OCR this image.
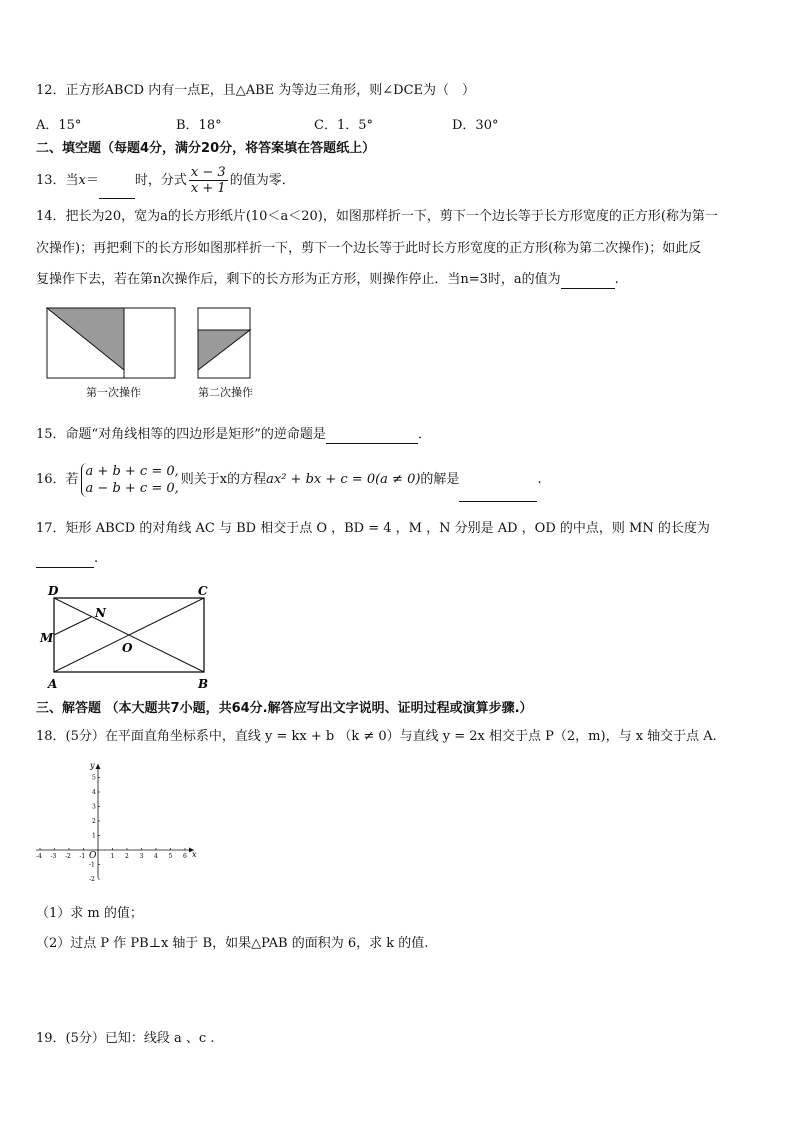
12．正方形ABCD 内有一点E，且△ABE 为等边三角形，则∠DCE为（　）
A．15°	B．18°	C．1．5°	D．30°
二、填空题（每题4分，满分20分，将答案填在答题纸上）
13．当x＝	时，分式 $\frac{x - 3}{x + 1}$ 的值为零．
14．把长为20，宽为a的长方形纸片(10＜a＜20)，如图那样折一下，剪下一个边长等于长方形宽度的正方形(称为第一
次操作)；再把剩下的长方形如图那样折一下，剪下一个边长等于此时长方形宽度的正方形(称为第二次操作)；如此反
复操作下去，若在第n次操作后，剩下的长方形为正方形，则操作停止．当n=3时，a的值为	.
第一次操作	第二次操作
15．命题“对角线相等的四边形是矩形”的逆命题是	．
16．若
a + b + c = 0,
a − b + c = 0,
则关于x的方程ax² + bx + c = 0(a ≠ 0)的解是	.
17．矩形 ABCD 的对角线 AC 与 BD 相交于点 O ，BD = 4 ，M ，N 分别是 AD ，OD 的中点，则 MN 的长度为
.
D	C
N
M
O
A	B
三、解答题 （本大题共7小题，共64分.解答应写出文字说明、证明过程或演算步骤.）
18．(5分）在平面直角坐标系中，直线 y = kx + b （k ≠ 0）与直线 y = 2x 相交于点 P（2，m)，与 x 轴交于点 A.
x
y
O
-4 -3 -2 -1	1 2 3 4 5 6
5
4
3
2
1
-1
-2
（1）求 m 的值；
（2）过点 P 作 PB⊥x 轴于 B，如果△PAB 的面积为 6，求 k 的值.
19．(5分）已知：线段 a 、c .
